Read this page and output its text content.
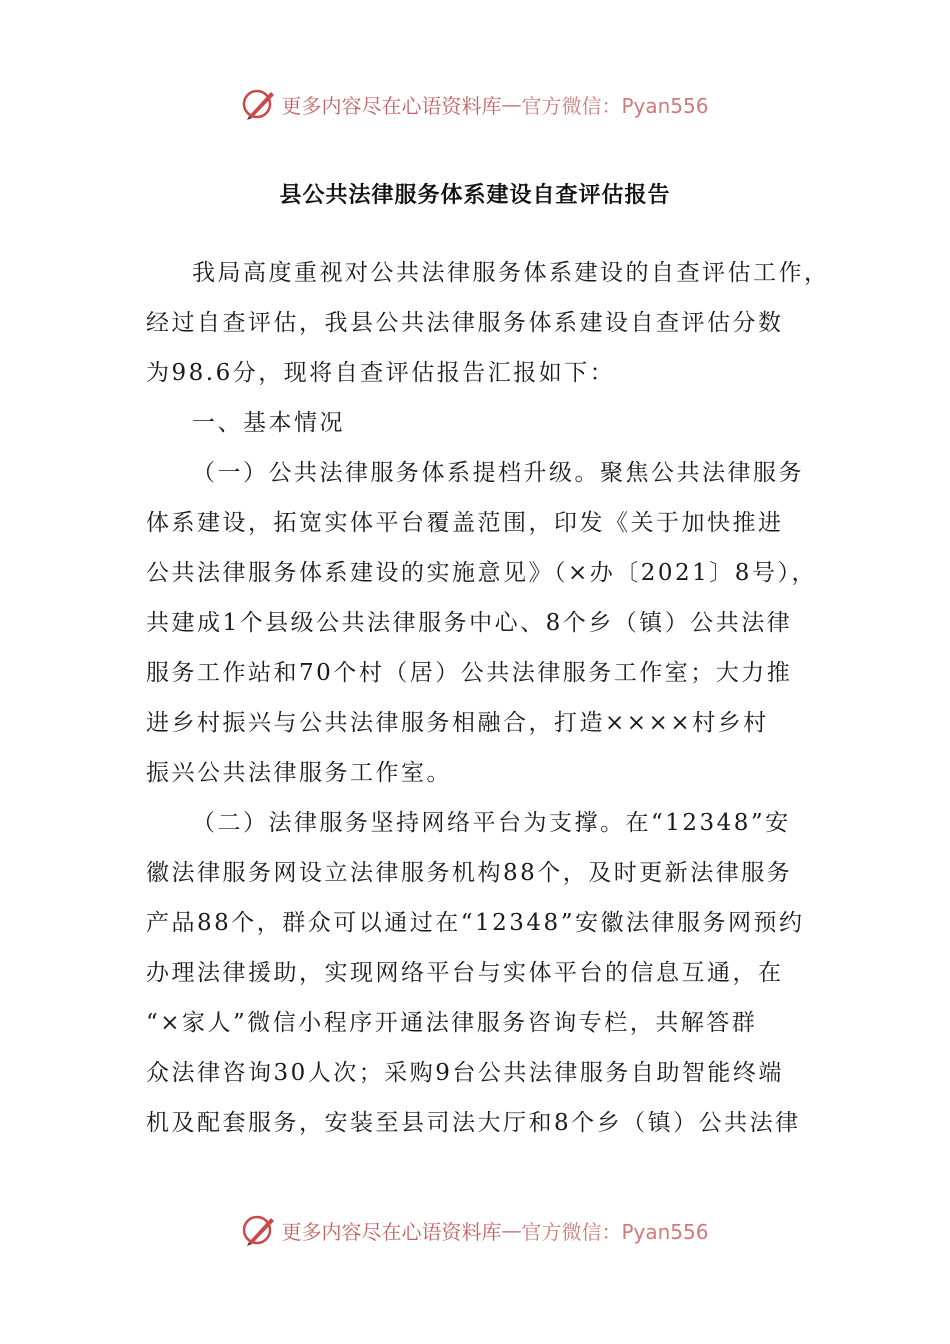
更多内容尽在心语资料库 — 官方微信：Pyan556
县公共法律服务体系建设自查评估报告
我局高度重视对公共法律服务体系建设的自查评估工作，
经过自查评估，我县公共法律服务体系建设自查评估分数
为98.6分，现将自查评估报告汇报如下：
一、基本情况
（一）公共法律服务体系提档升级。聚焦公共法律服务
体系建设，拓宽实体平台覆盖范围，印发《关于加快推进
公共法律服务体系建设的实施意见》（×办〔2021〕8号），
共建成1个县级公共法律服务中心、8个乡（镇）公共法律
服务工作站和70个村（居）公共法律服务工作室；大力推
进乡村振兴与公共法律服务相融合，打造××××村乡村
振兴公共法律服务工作室。
（二）法律服务坚持网络平台为支撑。在“12348”安
徽法律服务网设立法律服务机构88个，及时更新法律服务
产品88个，群众可以通过在“12348”安徽法律服务网预约
办理法律援助，实现网络平台与实体平台的信息互通，在
“×家人”微信小程序开通法律服务咨询专栏，共解答群
众法律咨询30人次；采购9台公共法律服务自助智能终端
机及配套服务，安装至县司法大厅和8个乡（镇）公共法律
更多内容尽在心语资料库 — 官方微信：Pyan556
